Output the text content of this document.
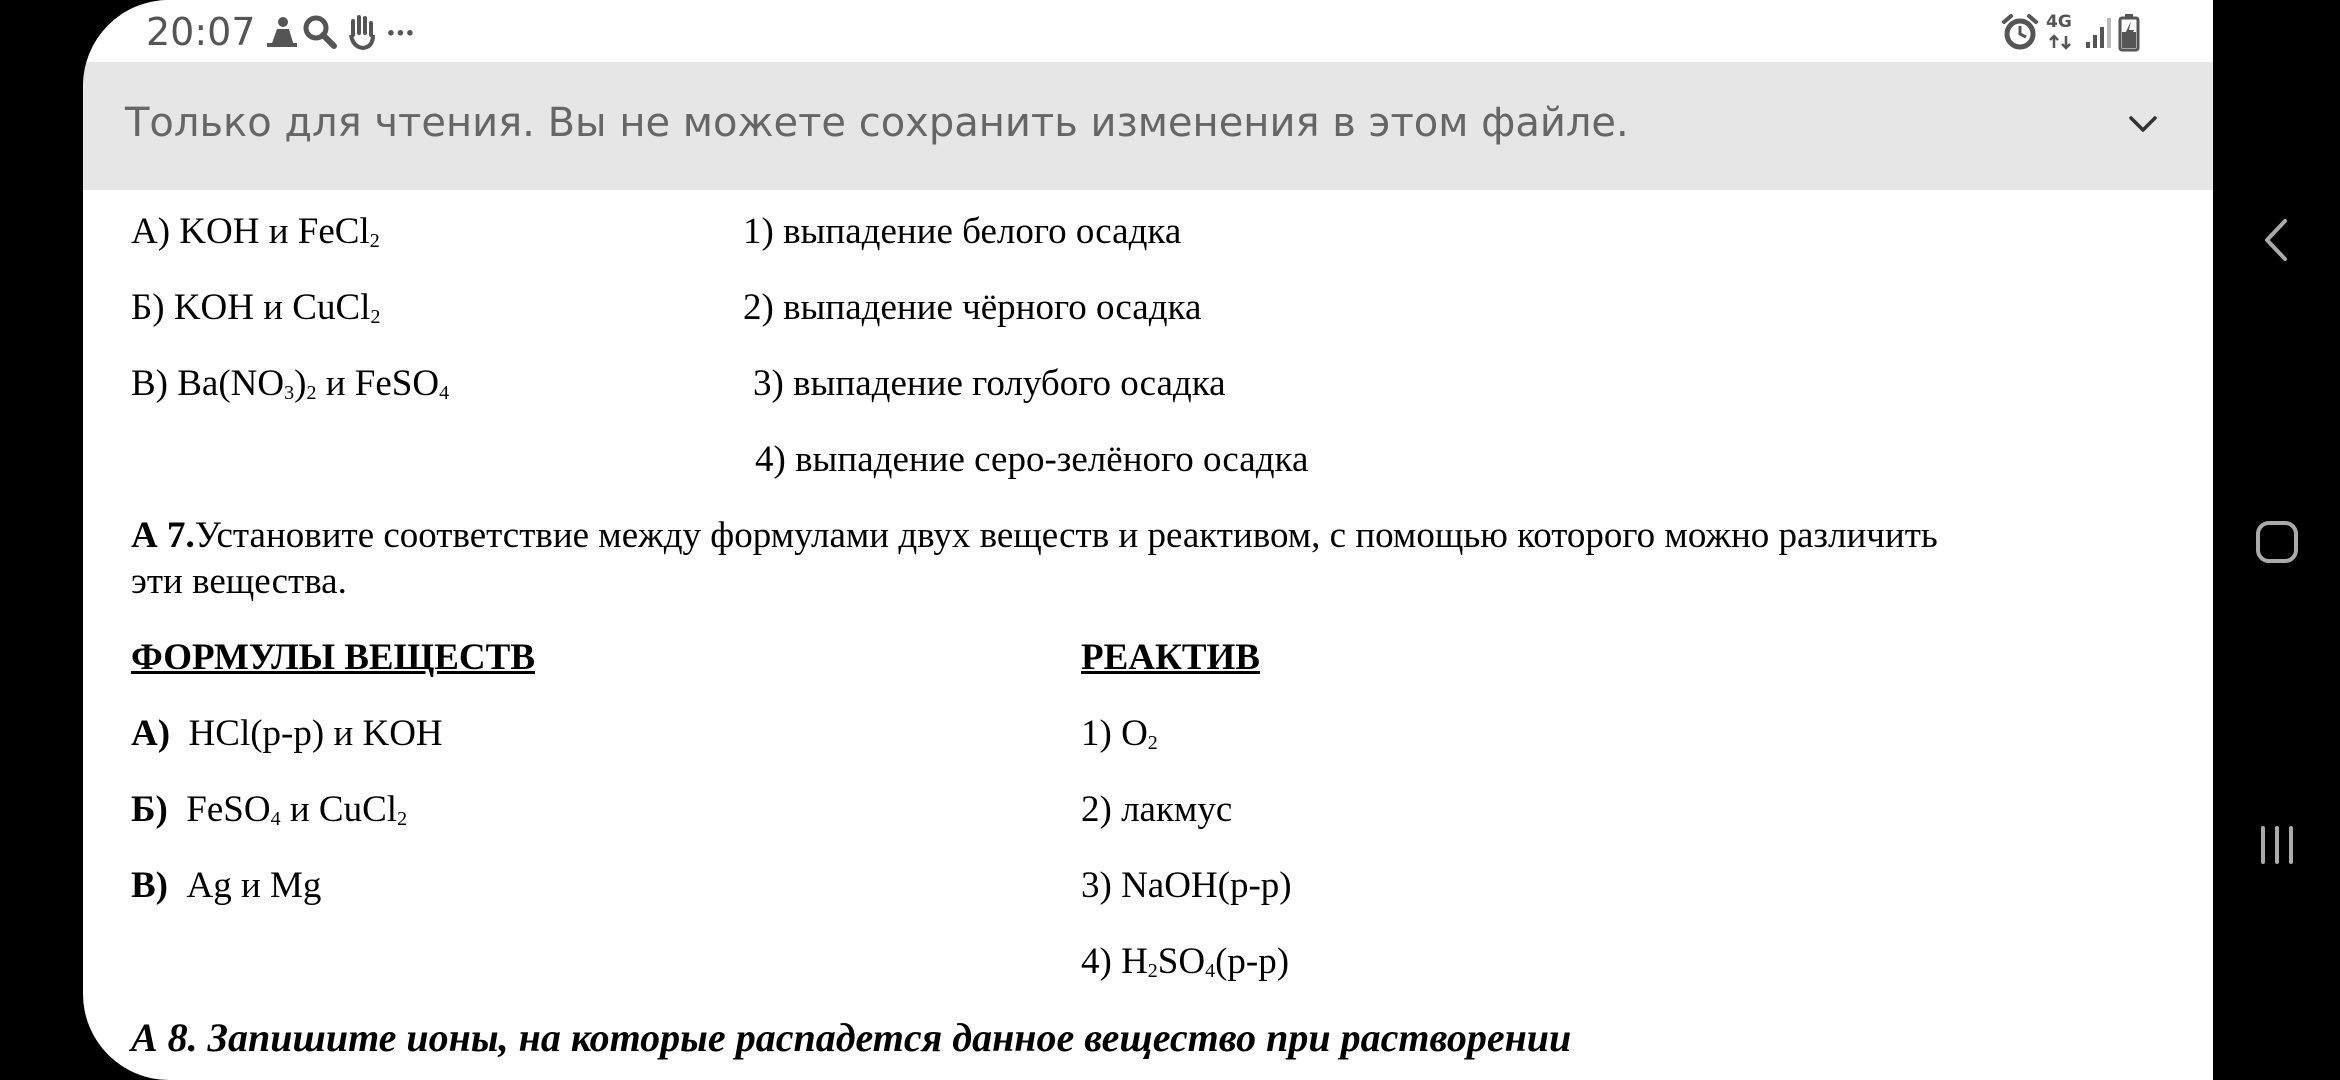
20:07	4G
Только для чтения. Вы не можете сохранить изменения в этом файле.
А) KOH и FeCl$_2$
Б) KOH и CuCl$_2$
В) $Ba(NO_3)_2$ и FeSO$_4$
1) выпадение белого осадка
2) выпадение чёрного осадка
3) выпадение голубого осадка
4) выпадение серо-зелёного осадка
А 7.Установите соответствие между формулами двух веществ и реактивом, с помощью которого можно различить
эти вещества.
ФОРМУЛЫ ВЕЩЕСТВ	РЕАКТИВ
А) HCl(р-р) и KOH
Б) FeSO$_4$ и CuCl$_2$
В) Ag и Mg
1) $O_2$
2) лакмус
3) NaOH(р-р)
4) $H_2SO_4(р-р)$
А 8. Запишите ионы, на которые распадется данное вещество при растворении
